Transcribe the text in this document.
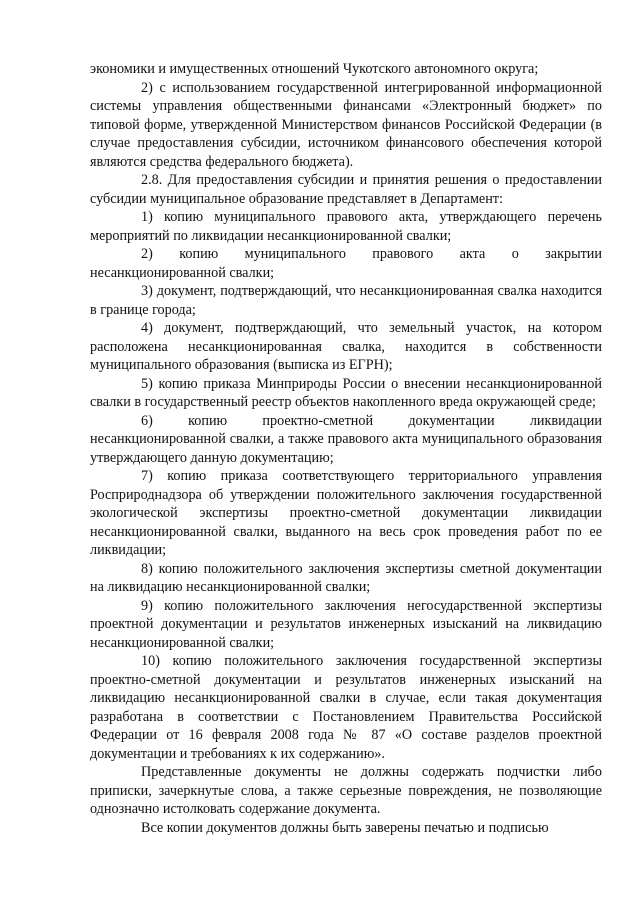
экономики и имущественных отношений Чукотского автономного округа;

2) с использованием государственной интегрированной информационной системы управления общественными финансами «Электронный бюджет» по типовой форме, утвержденной Министерством финансов Российской Федерации (в случае предоставления субсидии, источником финансового обеспечения которой являются средства федерального бюджета).

2.8. Для предоставления субсидии и принятия решения о предоставлении субсидии муниципальное образование представляет в Департамент:

1) копию муниципального правового акта, утверждающего перечень мероприятий по ликвидации несанкционированной свалки;

2) копию муниципального правового акта о закрытии несанкционированной свалки;

3) документ, подтверждающий, что несанкционированная свалка находится в границе города;

4) документ, подтверждающий, что земельный участок, на котором расположена несанкционированная свалка, находится в собственности муниципального образования (выписка из ЕГРН);

5) копию приказа Минприроды России о внесении несанкционированной свалки в государственный реестр объектов накопленного вреда окружающей среде;

6) копию проектно-сметной документации ликвидации несанкционированной свалки, а также правового акта муниципального образования утверждающего данную документацию;

7) копию приказа соответствующего территориального управления Росприроднадзора об утверждении положительного заключения государственной экологической экспертизы проектно-сметной документации ликвидации несанкционированной свалки, выданного на весь срок проведения работ по ее ликвидации;

8) копию положительного заключения экспертизы сметной документации на ликвидацию несанкционированной свалки;

9) копию положительного заключения негосударственной экспертизы проектной документации и результатов инженерных изысканий на ликвидацию несанкционированной свалки;

10) копию положительного заключения государственной экспертизы проектно-сметной документации и результатов инженерных изысканий на ликвидацию несанкционированной свалки в случае, если такая документация разработана в соответствии с Постановлением Правительства Российской Федерации от 16 февраля 2008 года № 87 «О составе разделов проектной документации и требованиях к их содержанию».

Представленные документы не должны содержать подчистки либо приписки, зачеркнутые слова, а также серьезные повреждения, не позволяющие однозначно истолковать содержание документа.

Все копии документов должны быть заверены печатью и подписью
